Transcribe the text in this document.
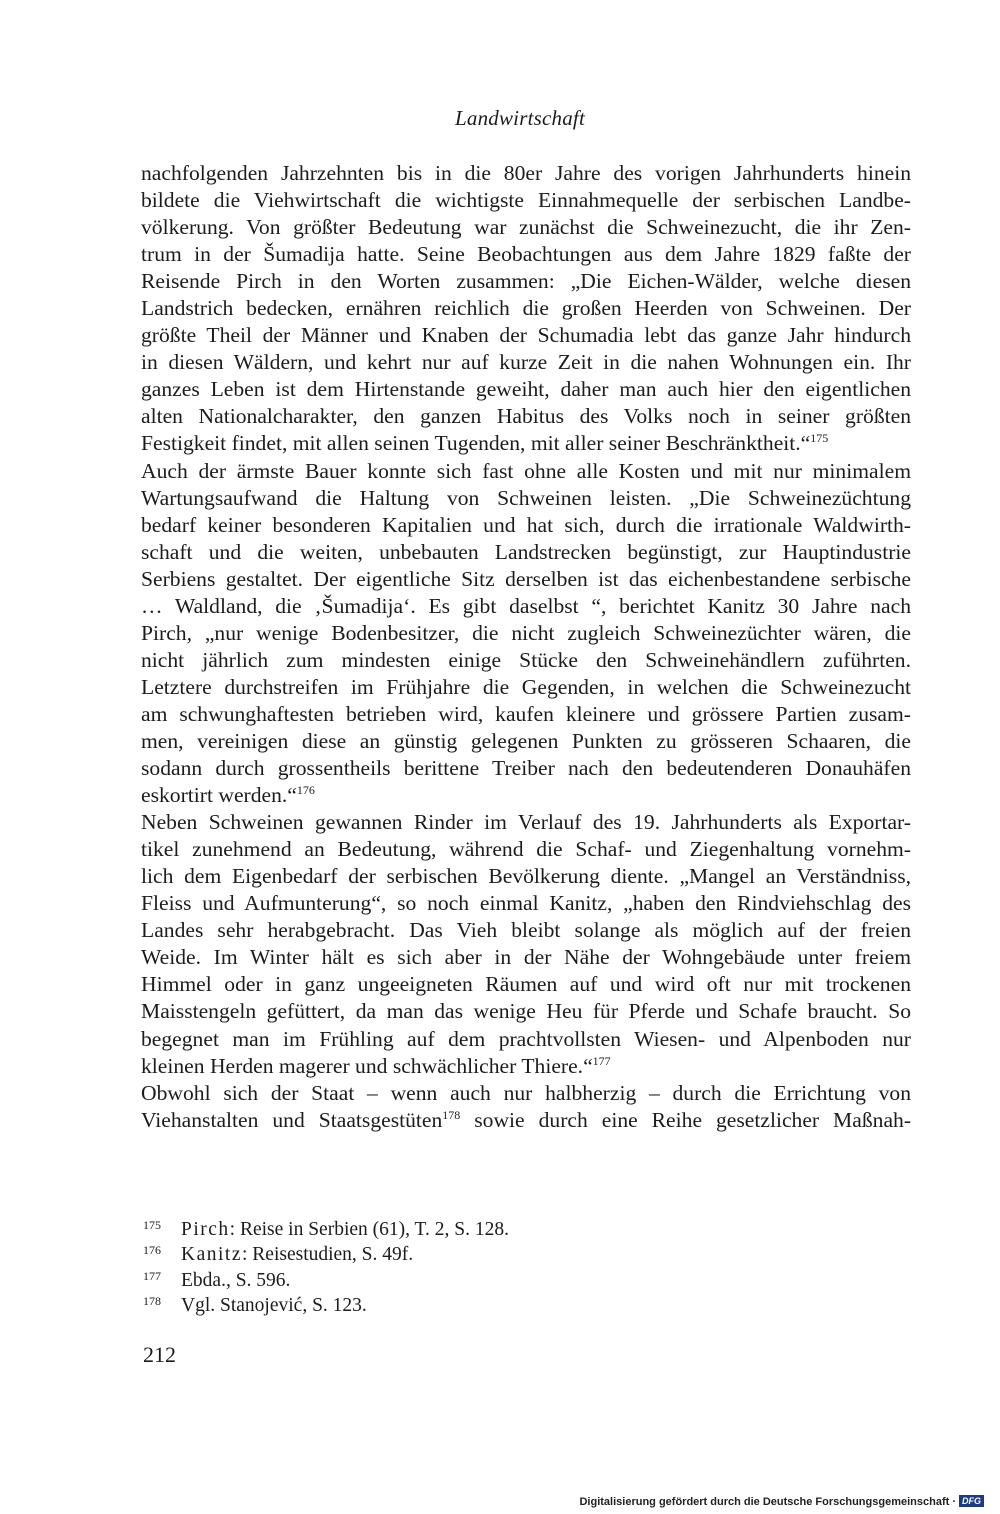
Landwirtschaft
nachfolgenden Jahrzehnten bis in die 80er Jahre des vorigen Jahrhunderts hinein
bildete die Viehwirtschaft die wichtigste Einnahmequelle der serbischen Landbe-
völkerung. Von größter Bedeutung war zunächst die Schweinezucht, die ihr Zen-
trum in der Šumadija hatte. Seine Beobachtungen aus dem Jahre 1829 faßte der
Reisende Pirch in den Worten zusammen: „Die Eichen-Wälder, welche diesen
Landstrich bedecken, ernähren reichlich die großen Heerden von Schweinen. Der
größte Theil der Männer und Knaben der Schumadia lebt das ganze Jahr hindurch
in diesen Wäldern, und kehrt nur auf kurze Zeit in die nahen Wohnungen ein. Ihr
ganzes Leben ist dem Hirtenstande geweiht, daher man auch hier den eigentlichen
alten Nationalcharakter, den ganzen Habitus des Volks noch in seiner größten
Festigkeit findet, mit allen seinen Tugenden, mit aller seiner Beschränktheit.“$^{175}$
Auch der ärmste Bauer konnte sich fast ohne alle Kosten und mit nur minimalem
Wartungsaufwand die Haltung von Schweinen leisten. „Die Schweinezüchtung
bedarf keiner besonderen Kapitalien und hat sich, durch die irrationale Waldwirth-
schaft und die weiten, unbebauten Landstrecken begünstigt, zur Hauptindustrie
Serbiens gestaltet. Der eigentliche Sitz derselben ist das eichenbestandene serbische
… Waldland, die ‚Šumadija‘. Es gibt daselbst “, berichtet Kanitz 30 Jahre nach
Pirch, „nur wenige Bodenbesitzer, die nicht zugleich Schweinezüchter wären, die
nicht jährlich zum mindesten einige Stücke den Schweinehändlern zuführten.
Letztere durchstreifen im Frühjahre die Gegenden, in welchen die Schweinezucht
am schwunghaftesten betrieben wird, kaufen kleinere und grössere Partien zusam-
men, vereinigen diese an günstig gelegenen Punkten zu grösseren Schaaren, die
sodann durch grossentheils berittene Treiber nach den bedeutenderen Donauhäfen
eskortirt werden.“$^{176}$
Neben Schweinen gewannen Rinder im Verlauf des 19. Jahrhunderts als Exportar-
tikel zunehmend an Bedeutung, während die Schaf- und Ziegenhaltung vornehm-
lich dem Eigenbedarf der serbischen Bevölkerung diente. „Mangel an Verständniss,
Fleiss und Aufmunterung“, so noch einmal Kanitz, „haben den Rindviehschlag des
Landes sehr herabgebracht. Das Vieh bleibt solange als möglich auf der freien
Weide. Im Winter hält es sich aber in der Nähe der Wohngebäude unter freiem
Himmel oder in ganz ungeeigneten Räumen auf und wird oft nur mit trockenen
Maisstengeln gefüttert, da man das wenige Heu für Pferde und Schafe braucht. So
begegnet man im Frühling auf dem prachtvollsten Wiesen- und Alpenboden nur
kleinen Herden magerer und schwächlicher Thiere.“$^{177}$
Obwohl sich der Staat – wenn auch nur halbherzig – durch die Errichtung von
Viehanstalten und Staatsgestüten$^{178}$ sowie durch eine Reihe gesetzlicher Maßnah-
175 Pirch: Reise in Serbien (61), T. 2, S. 128.
176 Kanitz: Reisestudien, S. 49f.
177 Ebda., S. 596.
178 Vgl. Stanojević, S. 123.
212
Digitalisierung gefördert durch die Deutsche Forschungsgemeinschaft · DFG
